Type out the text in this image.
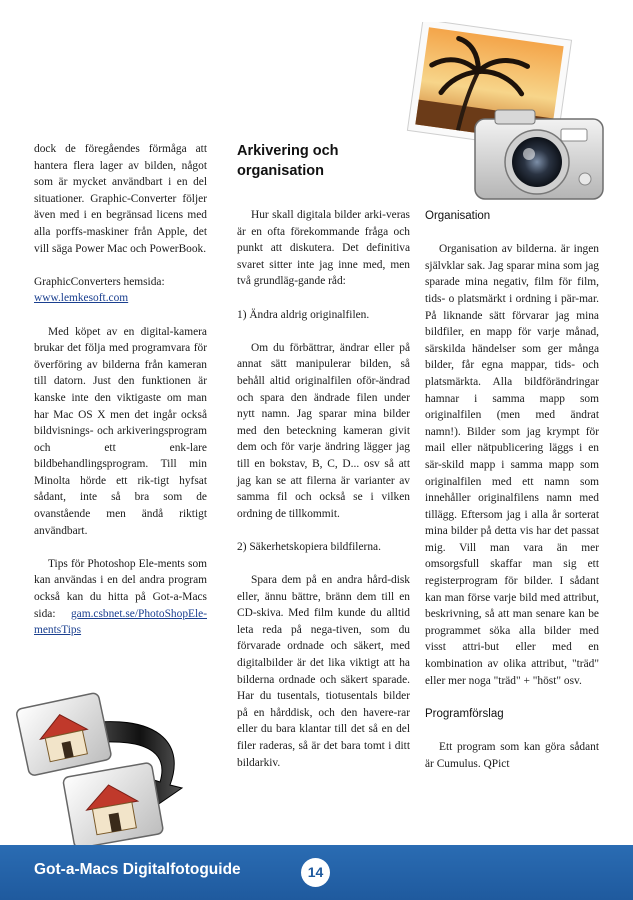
dock de föregåendes förmåga att hantera flera lager av bilden, något som är mycket användbart i en del situationer. Graphic-Converter följer även med i en begränsad licens med alla porffs-maskiner från Apple, det vill säga Power Mac och PowerBook.

GraphicConverters hemsida:
www.lemkesoft.com

Med köpet av en digital-kamera brukar det följa med programvara för överföring av bilderna från kameran till datorn. Just den funktionen är kanske inte den viktigaste om man har Mac OS X men det ingår också bildvisnings- och arkiveringsprogram och ett enk-lare bildbehandlingsprogram. Till min Minolta hörde ett rik-tigt hyfsat sådant, inte så bra som de ovanstående men ändå riktigt användbart.

Tips för Photoshop Ele-ments som kan användas i en del andra program också kan du hitta på Got-a-Macs sida: gam.csbnet.se/PhotoShopEle-mentsTips

Arkivering och organisation

Hur skall digitala bilder arki-veras är en ofta förekommande fråga och punkt att diskutera. Det definitiva svaret sitter inte jag inne med, men två grundläg-gande råd:

1) Ändra aldrig originalfilen.

Om du förbättrar, ändrar eller på annat sätt manipulerar bilden, så behåll altid originalfilen oför-ändrad och spara den ändrade filen under nytt namn. Jag sparar mina bilder med den beteckning kameran givit dem och för varje ändring lägger jag till en bokstav, B, C, D... osv så att jag kan se att filerna är varianter av samma fil och också se i vilken ordning de tillkommit.

2) Säkerhetskopiera bildfilerna.

Spara dem på en andra hård-disk eller, ännu bättre, bränn dem till en CD-skiva. Med film kunde du alltid leta reda på nega-tiven, som du förvarade ordnade och säkert, med digitalbilder är det lika viktigt att ha bilderna ordnade och säkert sparade. Har du tusentals, tiotusentals bilder på en hårddisk, och den haverе-rar eller du bara klantar till det så en del filer raderas, så är det bara tomt i ditt bildarkiv.

Organisation

Organisation av bilderna. är ingen självklar sak. Jag sparar mina som jag sparade mina negativ, film för film, tids- o platsmärkt i ordning i pär-mar. På liknande sätt förvarar jag mina bildfiler, en mapp för varje månad, särskilda händelser som ger många bilder, får egna mappar, tids- och platsmärkta. Alla bildförändringar hamnar i samma mapp som originalfilen (men med ändrat namn!). Bilder som jag krympt för mail eller nätpublicering läggs i en sär-skild mapp i samma mapp som originalfilen med ett namn som innehåller originalfilens namn med tillägg. Eftersom jag i alla år sorterat mina bilder på detta vis har det passat mig. Vill man vara än mer omsorgsfull skaffar man sig ett registerprogram för bilder. I sådant kan man förse varje bild med attribut, beskrivning, så att man senare kan be programmet söka alla bilder med visst attri-but eller med en kombination av olika attribut, "träd" eller mer noga "träd" + "höst" osv.

Programförslag

Ett program som kan göra sådant är Cumulus. QPict

Got-a-Macs Digitalfotoguide	14
